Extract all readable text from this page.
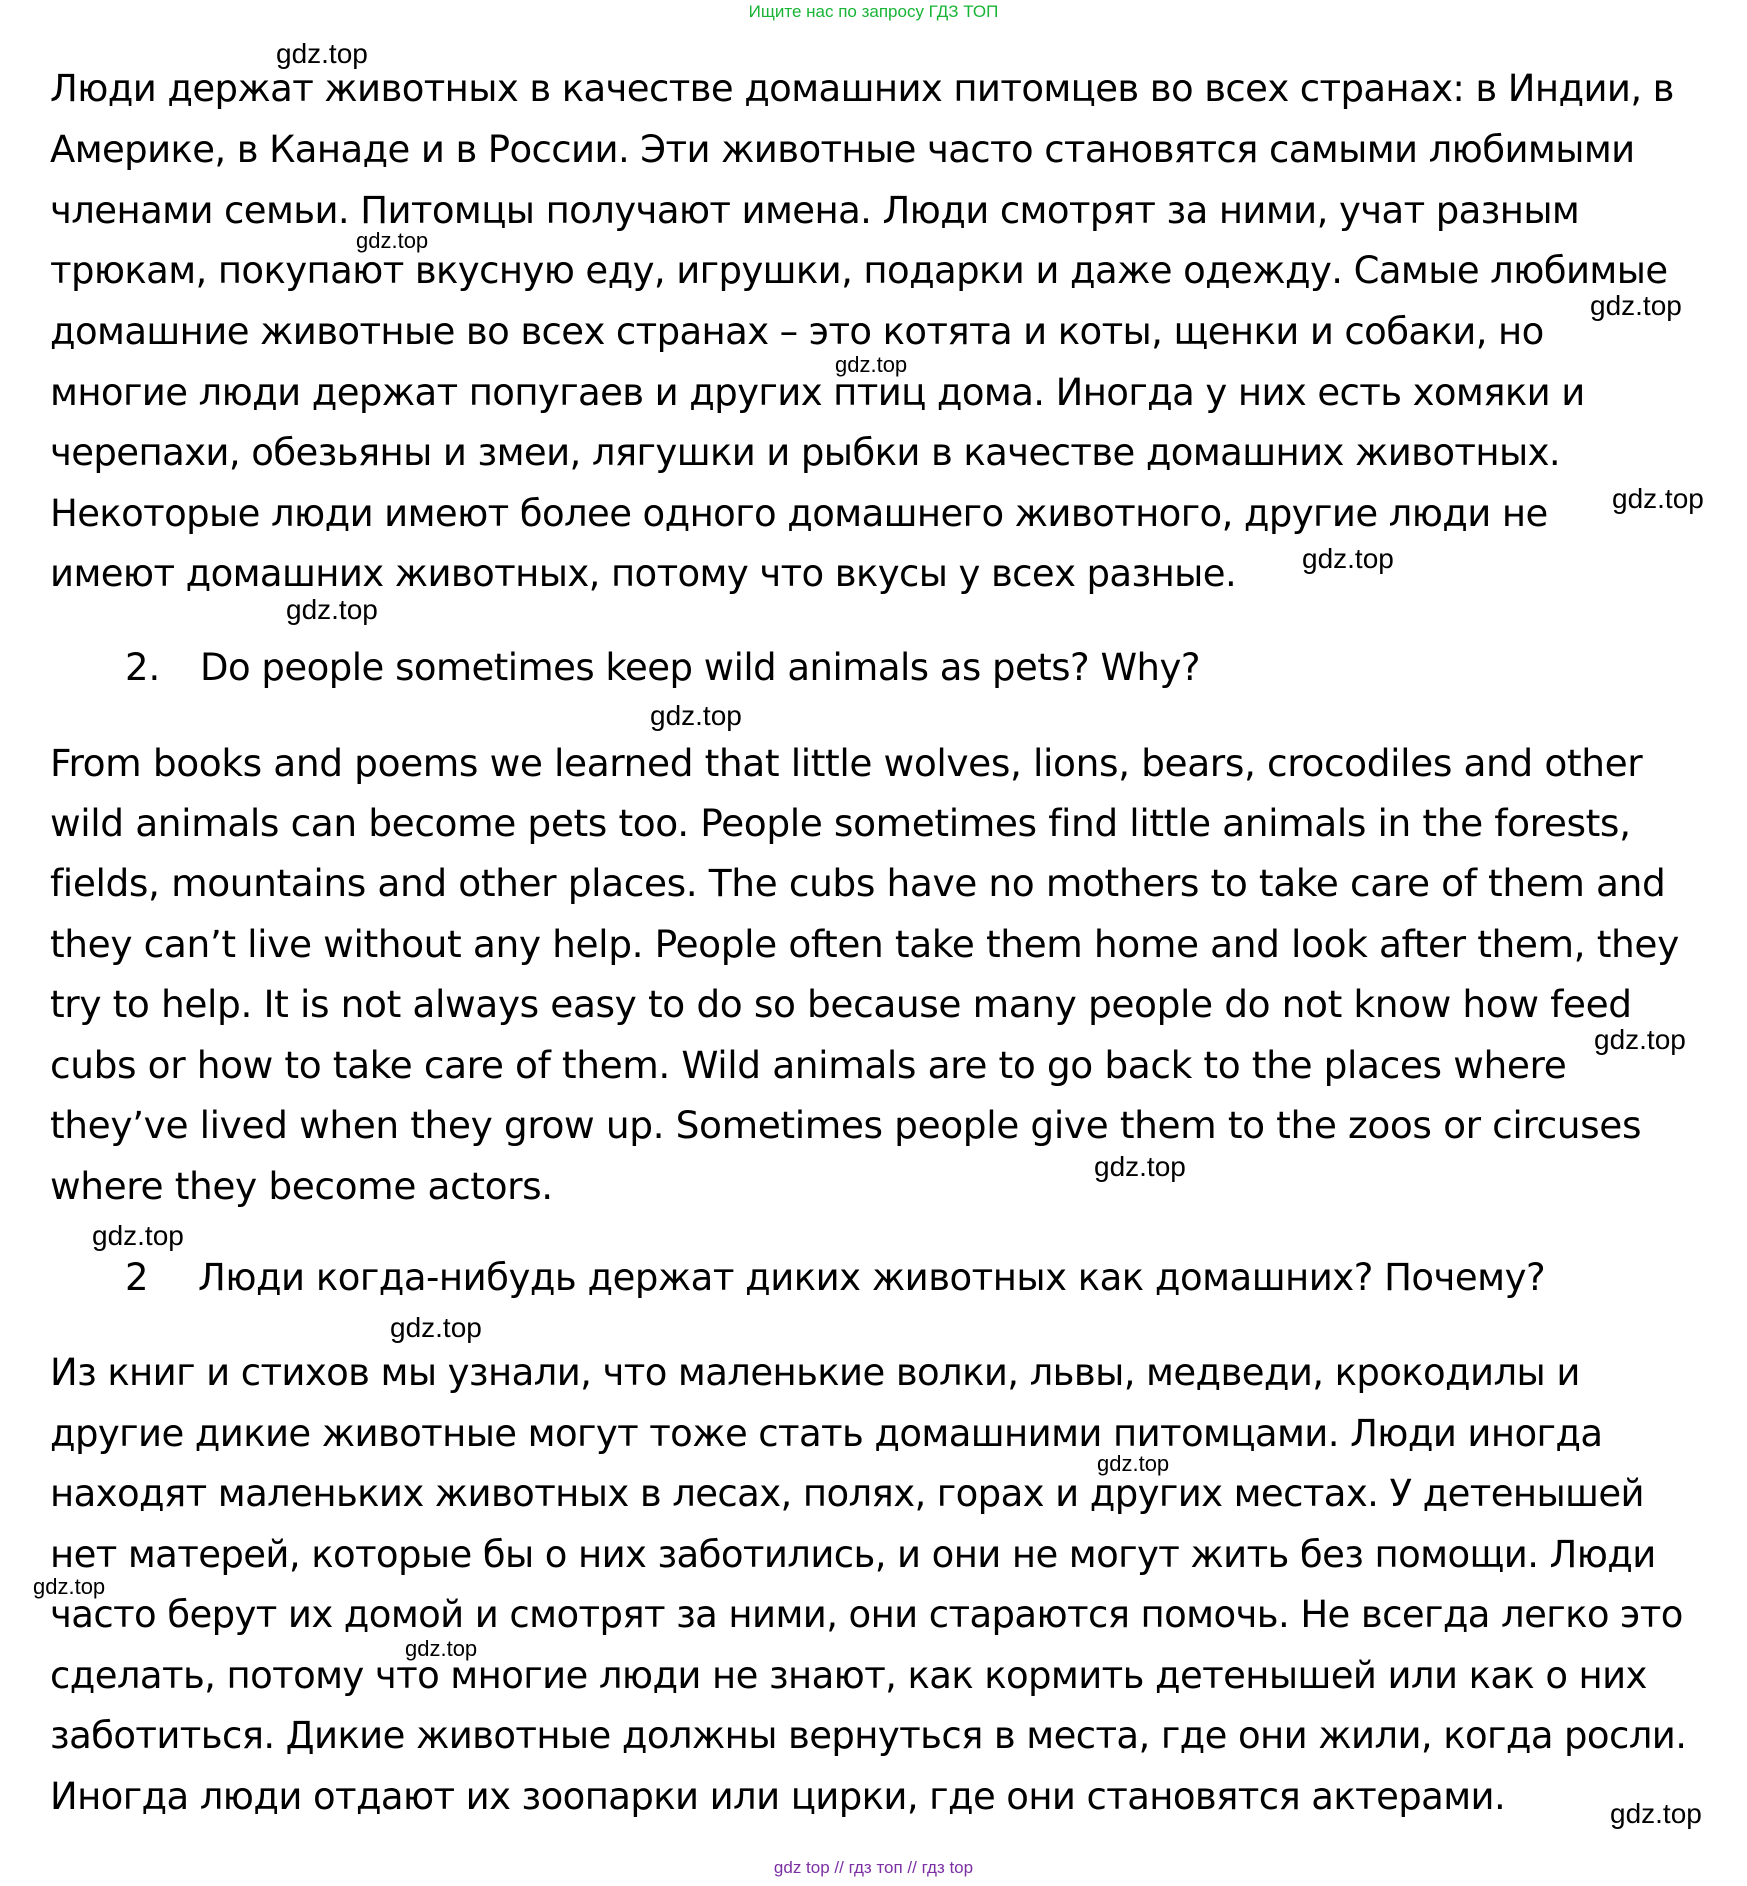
Ищите нас по запросу ГДЗ ТОП
Люди держат животных в качестве домашних питомцев во всех странах: в Индии, в
Америке, в Канаде и в России. Эти животные часто становятся самыми любимыми
членами семьи. Питомцы получают имена. Люди смотрят за ними, учат разным
трюкам, покупают вкусную еду, игрушки, подарки и даже одежду. Самые любимые
домашние животные во всех странах – это котята и коты, щенки и собаки, но
многие люди держат попугаев и других птиц дома. Иногда у них есть хомяки и
черепахи, обезьяны и змеи, лягушки и рыбки в качестве домашних животных.
Некоторые люди имеют более одного домашнего животного, другие люди не
имеют домашних животных, потому что вкусы у всех разные.
2. Do people sometimes keep wild animals as pets? Why?
From books and poems we learned that little wolves, lions, bears, crocodiles and other
wild animals can become pets too. People sometimes find little animals in the forests,
fields, mountains and other places. The cubs have no mothers to take care of them and
they can’t live without any help. People often take them home and look after them, they
try to help. It is not always easy to do so because many people do not know how feed
cubs or how to take care of them. Wild animals are to go back to the places where
they’ve lived when they grow up. Sometimes people give them to the zoos or circuses
where they become actors.
2 Люди когда-нибудь держат диких животных как домашних? Почему?
Из книг и стихов мы узнали, что маленькие волки, львы, медведи, крокодилы и
другие дикие животные могут тоже стать домашними питомцами. Люди иногда
находят маленьких животных в лесах, полях, горах и других местах. У детенышей
нет матерей, которые бы о них заботились, и они не могут жить без помощи. Люди
часто берут их домой и смотрят за ними, они стараются помочь. Не всегда легко это
сделать, потому что многие люди не знают, как кормить детенышей или как о них
заботиться. Дикие животные должны вернуться в места, где они жили, когда росли.
Иногда люди отдают их зоопарки или цирки, где они становятся актерами.
gdz.top
gdz.top
gdz.top
gdz.top
gdz.top
gdz.top
gdz.top
gdz.top
gdz.top
gdz.top
gdz.top
gdz.top
gdz.top
gdz.top
gdz.top
gdz.top
gdz top // гдз топ // гдз top
